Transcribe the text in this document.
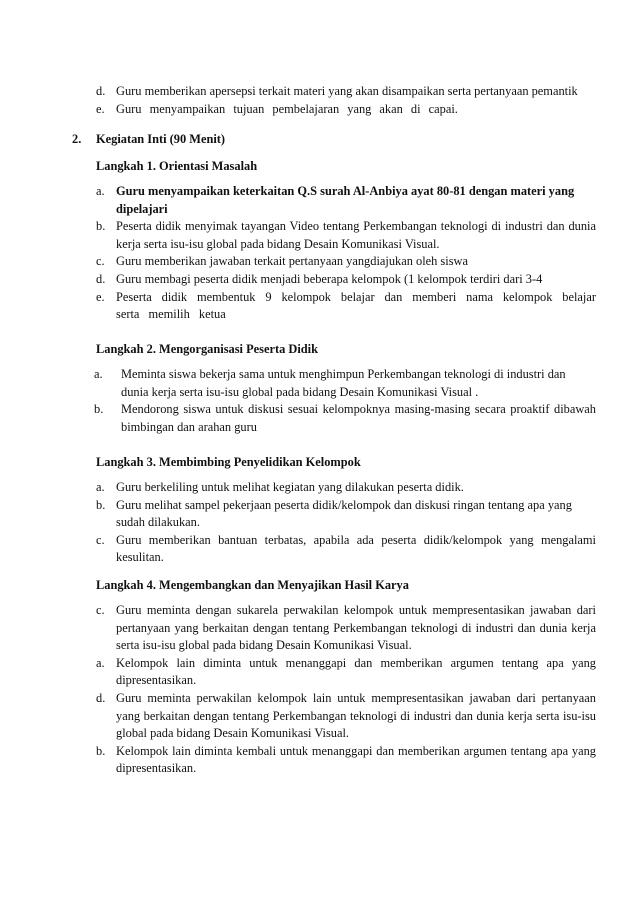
d. Guru memberikan apersepsi terkait materi yang akan disampaikan serta pertanyaan pemantik
e. Guru menyampaikan tujuan pembelajaran yang akan di capai.

2. Kegiatan Inti (90 Menit)

Langkah 1. Orientasi Masalah

a. Guru menyampaikan keterkaitan Q.S surah Al-Anbiya ayat 80-81 dengan materi yang dipelajari
b. Peserta didik menyimak tayangan Video tentang Perkembangan teknologi di industri dan dunia kerja serta isu-isu global pada bidang Desain Komunikasi Visual.
c. Guru memberikan jawaban terkait pertanyaan yangdiajukan oleh siswa
d. Guru membagi peserta didik menjadi beberapa kelompok (1 kelompok terdiri dari 3-4
e. Peserta didik membentuk 9 kelompok belajar dan memberi nama kelompok belajar serta memilih ketua

Langkah 2. Mengorganisasi Peserta Didik

a.	Meminta siswa bekerja sama untuk menghimpun Perkembangan teknologi di industri dan dunia kerja serta isu-isu global pada bidang Desain Komunikasi Visual .
b.	Mendorong siswa untuk diskusi sesuai kelompoknya masing-masing secara proaktif dibawah bimbingan dan arahan guru

Langkah 3. Membimbing Penyelidikan Kelompok

a. Guru berkeliling untuk melihat kegiatan yang dilakukan peserta didik.
b. Guru melihat sampel pekerjaan peserta didik/kelompok dan diskusi ringan tentang apa yang sudah dilakukan.
c. Guru memberikan bantuan terbatas, apabila ada peserta didik/kelompok yang mengalami kesulitan.

Langkah 4. Mengembangkan dan Menyajikan Hasil Karya

c. Guru meminta dengan sukarela perwakilan kelompok untuk mempresentasikan jawaban dari pertanyaan yang berkaitan dengan tentang Perkembangan teknologi di industri dan dunia kerja serta isu-isu global pada bidang Desain Komunikasi Visual.
a. Kelompok lain diminta untuk menanggapi dan memberikan argumen tentang apa yang dipresentasikan.
d. Guru meminta perwakilan kelompok lain untuk mempresentasikan jawaban dari pertanyaan yang berkaitan dengan tentang Perkembangan teknologi di industri dan dunia kerja serta isu-isu global pada bidang Desain Komunikasi Visual.
b. Kelompok lain diminta kembali untuk menanggapi dan memberikan argumen tentang apa yang dipresentasikan.
